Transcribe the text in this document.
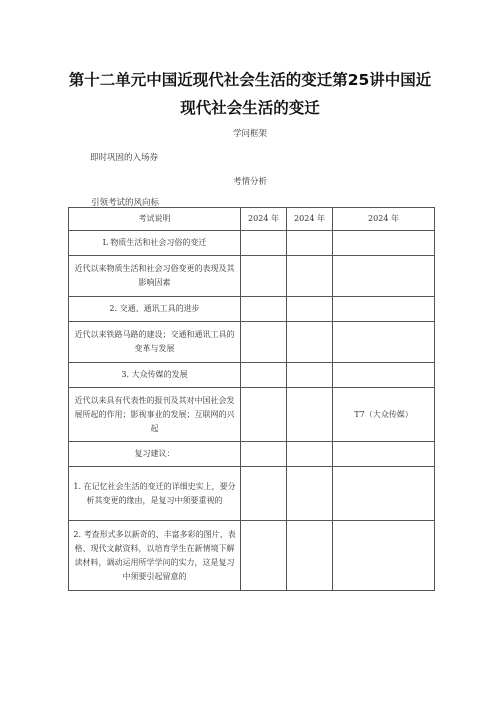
第十二单元中国近现代社会生活的变迁第25讲中国近
现代社会生活的变迁
学问框架
即时巩固的入场券
考情分析
引领考试的风向标
考试说明	2024 年	2024 年	2024 年
L 物质生活和社会习俗的变迁			
近代以来物质生活和社会习俗变更的表现及其影响因素			
2. 交通、通讯工具的进步			
近代以来铁路马路的建设；交通和通讯工具的变革与发展			
3. 大众传媒的发展			
近代以来具有代表性的报刊及其对中国社会发展所起的作用；影视事业的发展；互联网的兴起			T7（大众传媒）
复习建议：			
1. 在记忆社会生活的变迁的详细史实上，要分析其变更的缘由，是复习中须要重视的			
2. 考查形式多以新奇的、丰富多彩的图片、表格、现代文献资料，以培育学生在新情境下解读材料，调动运用所学学问的实力，这是复习中须要引起留意的			
